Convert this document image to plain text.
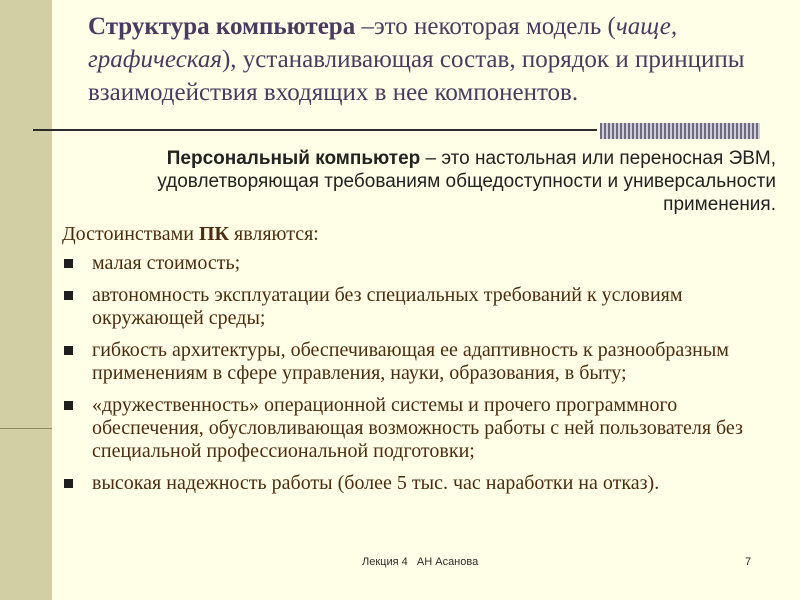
Структура компьютера –это некоторая модель (чаще, графическая), устанавливающая состав, порядок и принципы взаимодействия входящих в нее компонентов.
Персональный компьютер – это настольная или переносная ЭВМ, удовлетворяющая требованиям общедоступности и универсальности применения.
Достоинствами ПК являются:
малая стоимость;
автономность эксплуатации без специальных требований к условиям окружающей среды;
гибкость архитектуры, обеспечивающая ее адаптивность к разнообразным применениям в сфере управления, науки, образования, в быту;
«дружественность» операционной системы и прочего программного обеспечения, обусловливающая возможность работы с ней пользователя без специальной профессиональной подготовки;
высокая надежность работы (более 5 тыс. час наработки на отказ).
Лекция 4   АН Асанова	7
